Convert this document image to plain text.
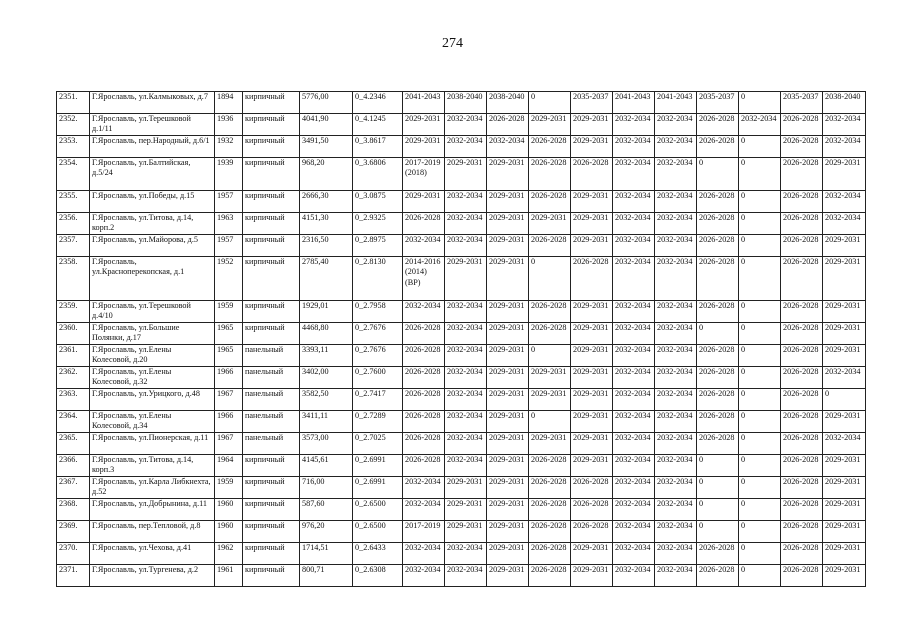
274
2351.	Г.Ярославль, ул.Калмыковых, д.7	1894	кирпичный	5776,00	0_4.2346	2041-2043	2038-2040	2038-2040	0	2035-2037	2041-2043	2041-2043	2035-2037	0	2035-2037	2038-2040
2352.	Г.Ярославль, ул.Терешковой д.1/11	1936	кирпичный	4041,90	0_4.1245	2029-2031	2032-2034	2026-2028	2029-2031	2029-2031	2032-2034	2032-2034	2026-2028	2032-2034	2026-2028	2032-2034
2353.	Г.Ярославль, пер.Народный, д.6/1	1932	кирпичный	3491,50	0_3.8617	2029-2031	2032-2034	2032-2034	2026-2028	2029-2031	2032-2034	2032-2034	2026-2028	0	2026-2028	2032-2034
2354.	Г.Ярославль, ул.Балтийская, д.5/24	1939	кирпичный	968,20	0_3.6806	2017-2019 (2018)	2029-2031	2029-2031	2026-2028	2026-2028	2032-2034	2032-2034	0	0	2026-2028	2029-2031
2355.	Г.Ярославль, ул.Победы, д.15	1957	кирпичный	2666,30	0_3.0875	2029-2031	2032-2034	2029-2031	2026-2028	2029-2031	2032-2034	2032-2034	2026-2028	0	2026-2028	2032-2034
2356.	Г.Ярославль, ул.Титова, д.14, корп.2	1963	кирпичный	4151,30	0_2.9325	2026-2028	2032-2034	2029-2031	2029-2031	2029-2031	2032-2034	2032-2034	2026-2028	0	2026-2028	2032-2034
2357.	Г.Ярославль, ул.Майорова, д.5	1957	кирпичный	2316,50	0_2.8975	2032-2034	2032-2034	2029-2031	2026-2028	2029-2031	2032-2034	2032-2034	2026-2028	0	2026-2028	2029-2031
2358.	Г.Ярославль, ул.Красноперекопская, д.1	1952	кирпичный	2785,40	0_2.8130	2014-2016 (2014) (ВР)	2029-2031	2029-2031	0	2026-2028	2032-2034	2032-2034	2026-2028	0	2026-2028	2029-2031
2359.	Г.Ярославль, ул.Терешковой д.4/10	1959	кирпичный	1929,01	0_2.7958	2032-2034	2032-2034	2029-2031	2026-2028	2029-2031	2032-2034	2032-2034	2026-2028	0	2026-2028	2029-2031
2360.	Г.Ярославль, ул.Большие Полянки, д.17	1965	кирпичный	4468,80	0_2.7676	2026-2028	2032-2034	2029-2031	2026-2028	2029-2031	2032-2034	2032-2034	0	0	2026-2028	2029-2031
2361.	Г.Ярославль, ул.Елены Колесовой, д.20	1965	панельный	3393,11	0_2.7676	2026-2028	2032-2034	2029-2031	0	2029-2031	2032-2034	2032-2034	2026-2028	0	2026-2028	2029-2031
2362.	Г.Ярославль, ул.Елены Колесовой, д.32	1966	панельный	3402,00	0_2.7600	2026-2028	2032-2034	2029-2031	2029-2031	2029-2031	2032-2034	2032-2034	2026-2028	0	2026-2028	2032-2034
2363.	Г.Ярославль, ул.Урицкого, д.48	1967	панельный	3582,50	0_2.7417	2026-2028	2032-2034	2029-2031	2029-2031	2029-2031	2032-2034	2032-2034	2026-2028	0	2026-2028	0
2364.	Г.Ярославль, ул.Елены Колесовой, д.34	1966	панельный	3411,11	0_2.7289	2026-2028	2032-2034	2029-2031	0	2029-2031	2032-2034	2032-2034	2026-2028	0	2026-2028	2029-2031
2365.	Г.Ярославль, ул.Пионерская, д.11	1967	панельный	3573,00	0_2.7025	2026-2028	2032-2034	2029-2031	2029-2031	2029-2031	2032-2034	2032-2034	2026-2028	0	2026-2028	2032-2034
2366.	Г.Ярославль, ул.Титова, д.14, корп.3	1964	кирпичный	4145,61	0_2.6991	2026-2028	2032-2034	2029-2031	2026-2028	2029-2031	2032-2034	2032-2034	0	0	2026-2028	2029-2031
2367.	Г.Ярославль, ул.Карла Либкнехта, д.52	1959	кирпичный	716,00	0_2.6991	2032-2034	2029-2031	2029-2031	2026-2028	2026-2028	2032-2034	2032-2034	0	0	2026-2028	2029-2031
2368.	Г.Ярославль, ул.Добрынина, д.11	1960	кирпичный	587,60	0_2.6500	2032-2034	2029-2031	2029-2031	2026-2028	2026-2028	2032-2034	2032-2034	0	0	2026-2028	2029-2031
2369.	Г.Ярославль, пер.Тепловой, д.8	1960	кирпичный	976,20	0_2.6500	2017-2019	2029-2031	2029-2031	2026-2028	2026-2028	2032-2034	2032-2034	0	0	2026-2028	2029-2031
2370.	Г.Ярославль, ул.Чехова, д.41	1962	кирпичный	1714,51	0_2.6433	2032-2034	2032-2034	2029-2031	2026-2028	2029-2031	2032-2034	2032-2034	2026-2028	0	2026-2028	2029-2031
2371.	Г.Ярославль, ул.Тургенева, д.2	1961	кирпичный	800,71	0_2.6308	2032-2034	2032-2034	2029-2031	2026-2028	2029-2031	2032-2034	2032-2034	2026-2028	0	2026-2028	2029-2031
